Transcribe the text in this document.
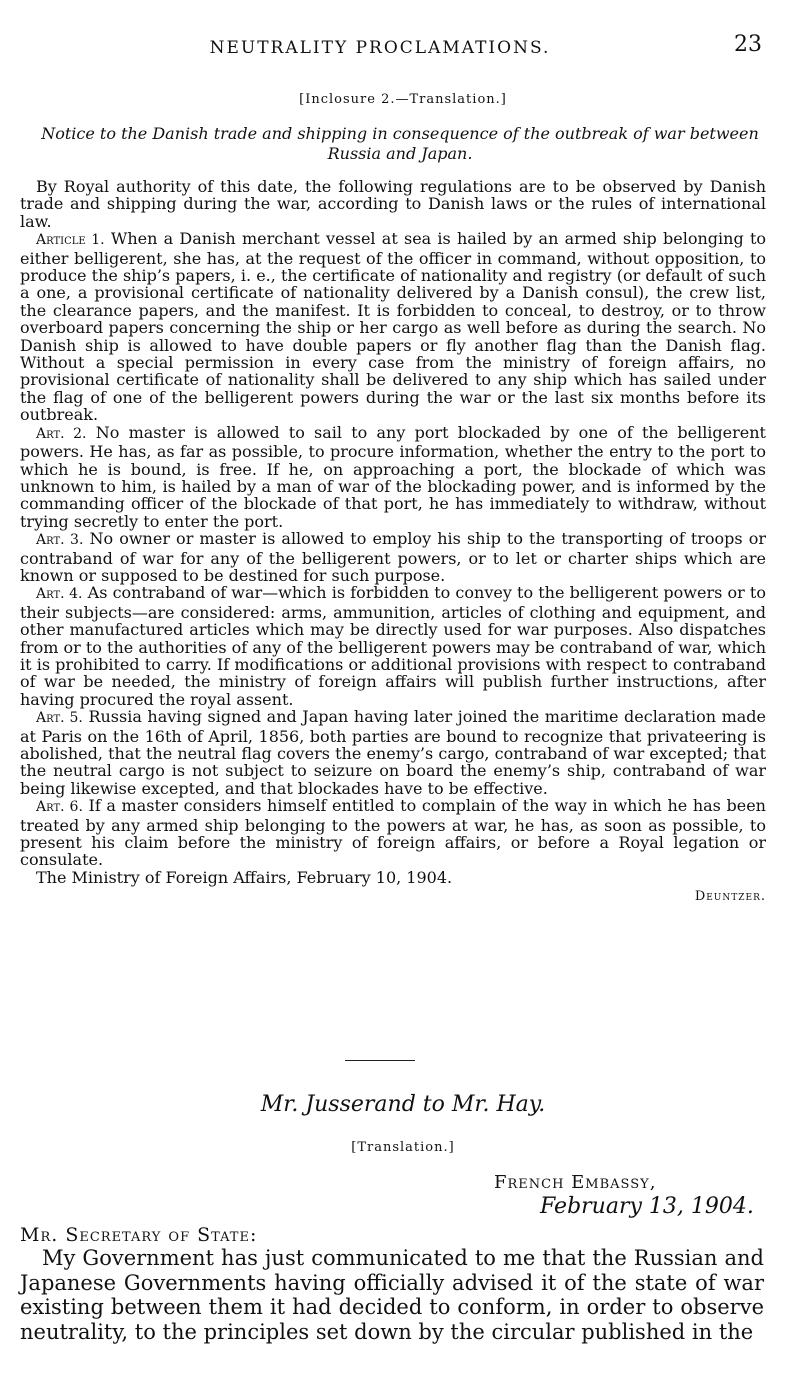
NEUTRALITY PROCLAMATIONS.	23
[Inclosure 2.—Translation.]
Notice to the Danish trade and shipping in consequence of the outbreak of war between Russia and Japan.

By Royal authority of this date, the following regulations are to be observed by Danish trade and shipping during the war, according to Danish laws or the rules of international law.

Article 1. When a Danish merchant vessel at sea is hailed by an armed ship belonging to either belligerent, she has, at the request of the officer in command, without opposition, to produce the ship’s papers, i. e., the certificate of nationality and registry (or default of such a one, a provisional certificate of nationality delivered by a Danish consul), the crew list, the clearance papers, and the manifest. It is forbidden to conceal, to destroy, or to throw overboard papers concerning the ship or her cargo as well before as during the search. No Danish ship is allowed to have double papers or fly another flag than the Danish flag. Without a special permission in every case from the ministry of foreign affairs, no provisional certificate of nationality shall be delivered to any ship which has sailed under the flag of one of the belligerent powers during the war or the last six months before its outbreak.

Art. 2. No master is allowed to sail to any port blockaded by one of the belligerent powers. He has, as far as possible, to procure information, whether the entry to the port to which he is bound, is free. If he, on approaching a port, the blockade of which was unknown to him, is hailed by a man of war of the blockading power, and is informed by the commanding officer of the blockade of that port, he has immediately to withdraw, without trying secretly to enter the port.

Art. 3. No owner or master is allowed to employ his ship to the transporting of troops or contraband of war for any of the belligerent powers, or to let or charter ships which are known or supposed to be destined for such purpose.

Art. 4. As contraband of war—which is forbidden to convey to the belligerent powers or to their subjects—are considered: arms, ammunition, articles of clothing and equipment, and other manufactured articles which may be directly used for war purposes. Also dispatches from or to the authorities of any of the belligerent powers may be contraband of war, which it is prohibited to carry. If modifications or additional provisions with respect to contraband of war be needed, the ministry of foreign affairs will publish further instructions, after having procured the royal assent.

Art. 5. Russia having signed and Japan having later joined the maritime declaration made at Paris on the 16th of April, 1856, both parties are bound to recognize that privateering is abolished, that the neutral flag covers the enemy’s cargo, contraband of war excepted; that the neutral cargo is not subject to seizure on board the enemy’s ship, contraband of war being likewise excepted, and that blockades have to be effective.

Art. 6. If a master considers himself entitled to complain of the way in which he has been treated by any armed ship belonging to the powers at war, he has, as soon as possible, to present his claim before the ministry of foreign affairs, or before a Royal legation or consulate.

The Ministry of Foreign Affairs, February 10, 1904.

Deuntzer.

Mr. Jusserand to Mr. Hay.
[Translation.]
French Embassy,
February 13, 1904.
Mr. Secretary of State:

My Government has just communicated to me that the Russian and Japanese Governments having officially advised it of the state of war existing between them it had decided to conform, in order to observe neutrality, to the principles set down by the circular published in the
